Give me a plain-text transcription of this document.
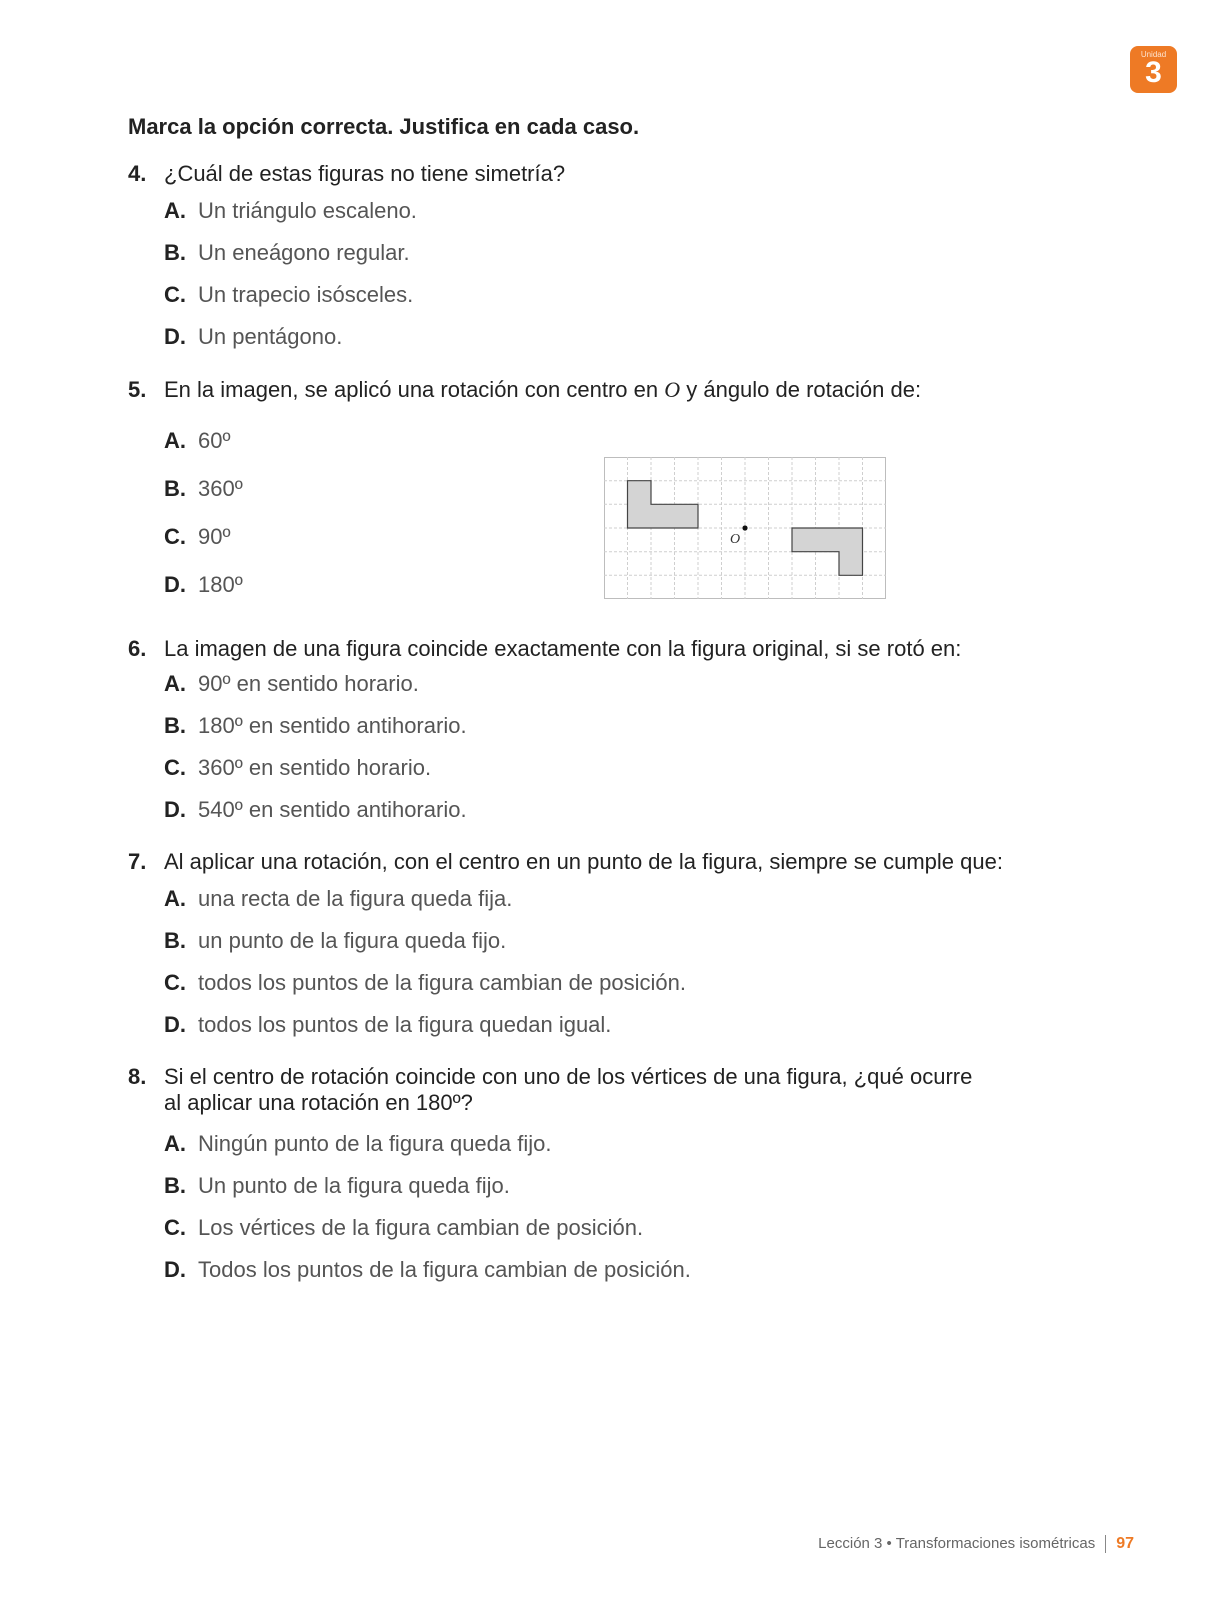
Unidad
3
Marca la opción correcta. Justifica en cada caso.
4. ¿Cuál de estas figuras no tiene simetría?
A. Un triángulo escaleno.
B. Un eneágono regular.
C. Un trapecio isósceles.
D. Un pentágono.
5. En la imagen, se aplicó una rotación con centro en O y ángulo de rotación de:
A. 60º
B. 360º
C. 90º
D. 180º
O
6. La imagen de una figura coincide exactamente con la figura original, si se rotó en:
A. 90º en sentido horario.
B. 180º en sentido antihorario.
C. 360º en sentido horario.
D. 540º en sentido antihorario.
7. Al aplicar una rotación, con el centro en un punto de la figura, siempre se cumple que:
A. una recta de la figura queda fija.
B. un punto de la figura queda fijo.
C. todos los puntos de la figura cambian de posición.
D. todos los puntos de la figura quedan igual.
8. Si el centro de rotación coincide con uno de los vértices de una figura, ¿qué ocurre
al aplicar una rotación en 180º?
A. Ningún punto de la figura queda fijo.
B. Un punto de la figura queda fijo.
C. Los vértices de la figura cambian de posición.
D. Todos los puntos de la figura cambian de posición.
Lección 3 • Transformaciones isométricas 97
